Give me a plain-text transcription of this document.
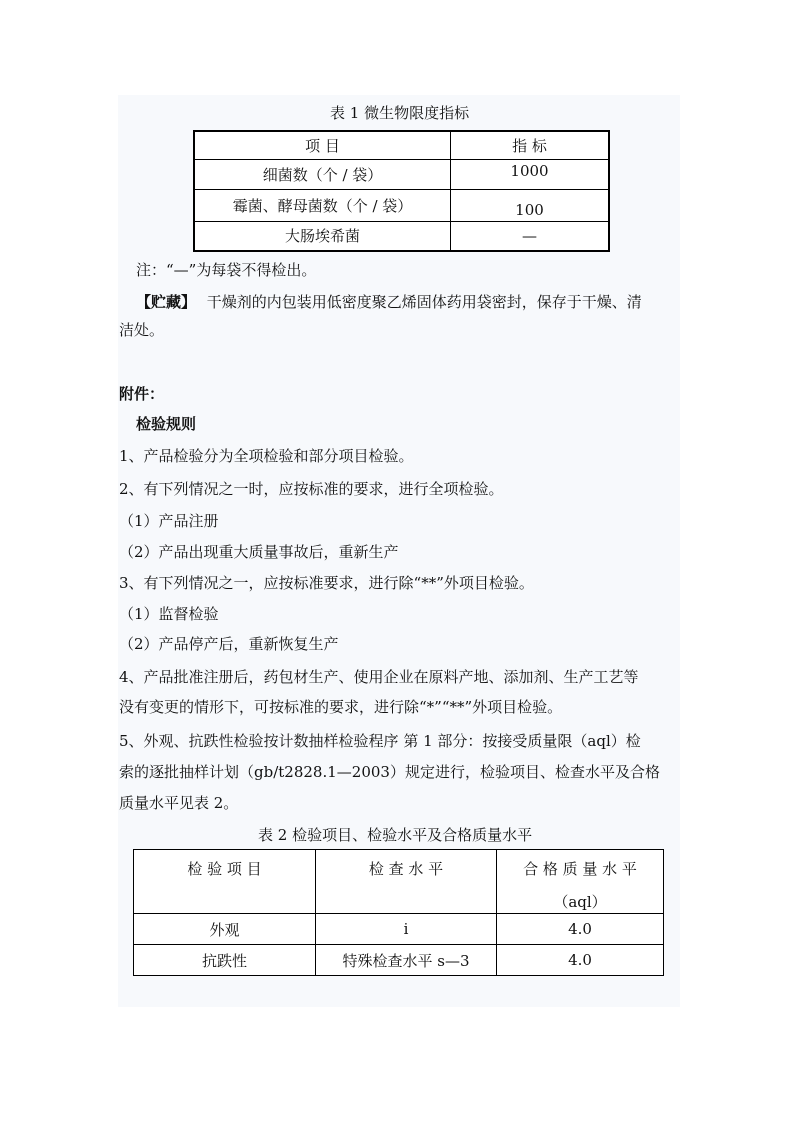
表 1 微生物限度指标
项 目	指 标
细菌数（个 / 袋）	1000
霉菌、酵母菌数（个 / 袋）	100
大肠埃希菌	—
注：“—”为每袋不得检出。
【贮藏】 干燥剂的内包装用低密度聚乙烯固体药用袋密封，保存于干燥、清
洁处。
附件：
检验规则
1、产品检验分为全项检验和部分项目检验。
2、有下列情况之一时，应按标准的要求，进行全项检验。
（1）产品注册
（2）产品出现重大质量事故后，重新生产
3、有下列情况之一，应按标准要求，进行除“**”外项目检验。
（1）监督检验
（2）产品停产后，重新恢复生产
4、产品批准注册后，药包材生产、使用企业在原料产地、添加剂、生产工艺等
没有变更的情形下，可按标准的要求，进行除“*”“**”外项目检验。
5、外观、抗跌性检验按计数抽样检验程序 第 1 部分：按接受质量限（aql）检
索的逐批抽样计划（gb/t2828.1—2003）规定进行，检验项目、检查水平及合格
质量水平见表 2。
表 2 检验项目、检验水平及合格质量水平
检 验 项 目	检 查 水 平	合 格 质 量 水 平
（aql）

外观	i	4.0
抗跌性	特殊检查水平 s—3	4.0
